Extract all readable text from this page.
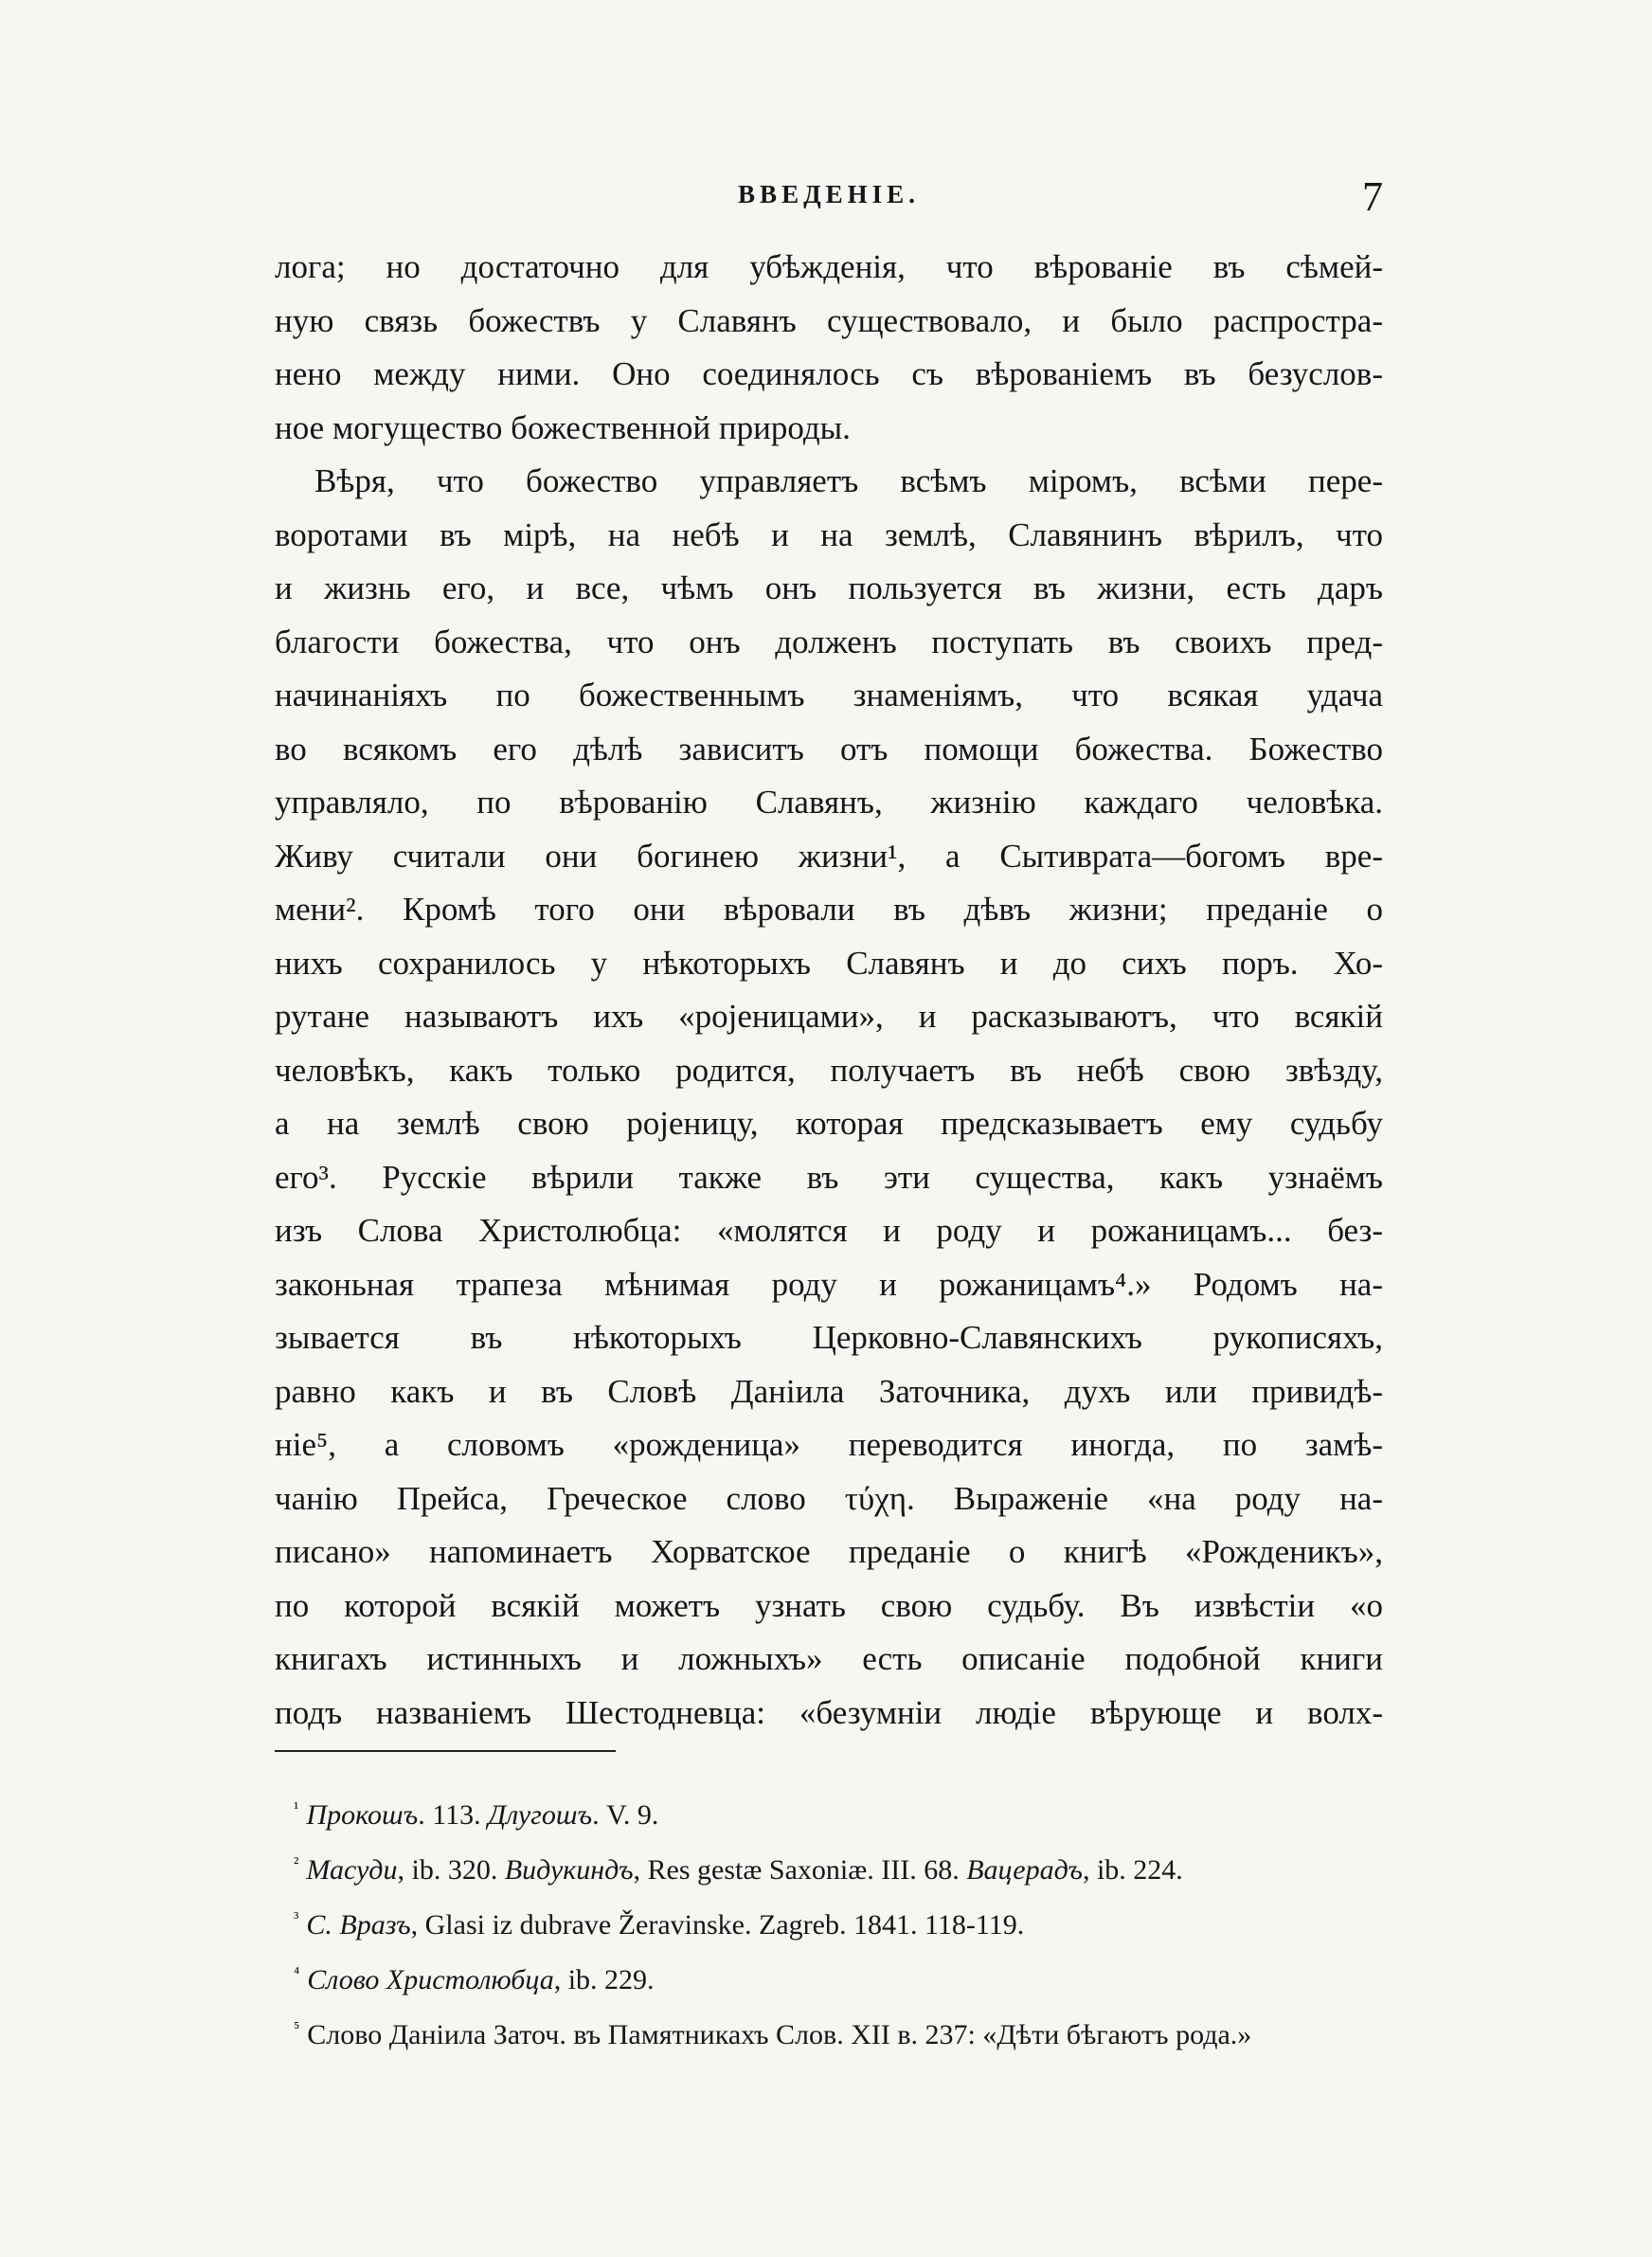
ВВЕДЕНІЕ.	7
лога; но достаточно для убѣжденія, что вѣрованіе въ сѣмей-
ную связь божествъ у Славянъ существовало, и было распростра-
нено между ними. Оно соединялось съ вѣрованіемъ въ безуслов-
ное могущество божественной природы.
Вѣря, что божество управляетъ всѣмъ міромъ, всѣми пере-
воротами въ мірѣ, на небѣ и на землѣ, Славянинъ вѣрилъ, что
и жизнь его, и все, чѣмъ онъ пользуется въ жизни, есть даръ
благости божества, что онъ долженъ поступать въ своихъ пред-
начинаніяхъ по божественнымъ знаменіямъ, что всякая удача
во всякомъ его дѣлѣ зависитъ отъ помощи божества. Божество
управляло, по вѣрованію Славянъ, жизнію каждаго человѣка.
Живу считали они богинею жизни¹, а Сытиврата—богомъ вре-
мени². Кромѣ того они вѣровали въ дѣвъ жизни; преданіе о
нихъ сохранилось у нѣкоторыхъ Славянъ и до сихъ поръ. Хо-
рутане называютъ ихъ «роjеницами», и расказываютъ, что всякій
человѣкъ, какъ только родится, получаетъ въ небѣ свою звѣзду,
а на землѣ свою роjеницу, которая предсказываетъ ему судьбу
его³. Русскіе вѣрили также въ эти существа, какъ узнаёмъ
изъ Слова Христолюбца: «молятся и роду и рожаницамъ... без-
законьная трапеза мѣнимая роду и рожаницамъ⁴.» Родомъ на-
зывается въ нѣкоторыхъ Церковно-Славянскихъ рукописяхъ,
равно какъ и въ Словѣ Даніила Заточника, духъ или привидѣ-
ніе⁵, а словомъ «рожденица» переводится иногда, по замѣ-
чанію Прейса, Греческое слово τύχη. Выраженіе «на роду на-
писано» напоминаетъ Хорватское преданіе о книгѣ «Рожденикъ»,
по которой всякій можетъ узнать свою судьбу. Въ извѣстіи «о
книгахъ истинныхъ и ложныхъ» есть описаніе подобной книги
подъ названіемъ Шестодневца: «безумніи людіе вѣрующе и волх-
$^{^1}$ Прокошъ. 113. Длугошъ. V. 9.
$^{^2}$ Масуди, ib. 320. Видукиндъ, Res gestæ Saxoniæ. III. 68. Вацерадъ, ib. 224.
$^{^3}$ С. Вразъ, Glasi iz dubrave Žeravinske. Zagreb. 1841. 118-119.
$^{^4}$ Слово Христолюбца, ib. 229.
$^{^5}$ Слово Даніила Заточ. въ Памятникахъ Слов. XII в. 237: «Дѣти бѣгаютъ рода.»
